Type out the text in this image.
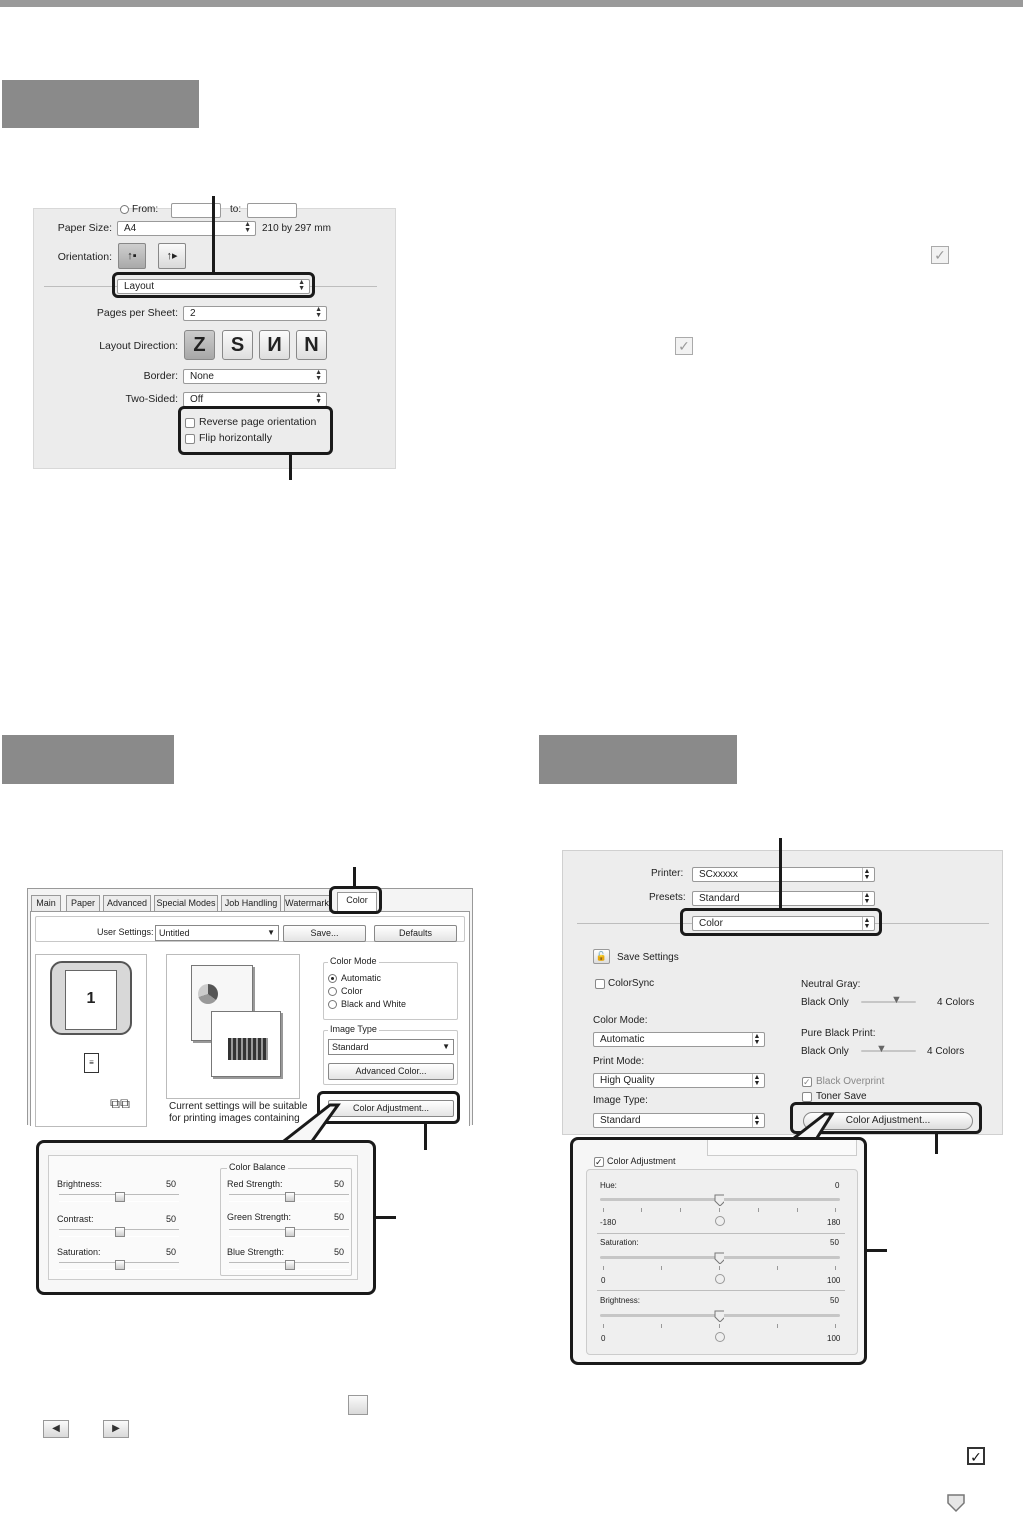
From:	to:
Paper Size:	A4	▲
▼ 210 by 297 mm
Orientation:	↑▪	↑▸
Layout	▲
▼
Pages per Sheet:	2	▲
▼
Layout Direction: Z	S	И	N
Border:	None	▲
▼
Two-Sided:	Off	▲
▼
Reverse page orientation
Flip horizontally
✓
✓
Main	Paper	Advanced	Special Modes	Job Handling Watermark	Color
User Settings: Untitled	▼	Save...	Defaults
1
≡
⧉⧉	Current settings will be suitable
for printing images containing
Color Mode
Automatic
Color
Black and White
Image Type
Standard	▼
Advanced Color...
Color Adjustment...
Color Balance
Brightness:	50
Contrast:	50
Saturation:	50
Red Strength:	50
Green Strength:	50
Blue Strength:	50
◀	▶
Printer:	SCxxxxx	▲
▼
Presets:	Standard	▲
▼
Color	▲
▼
🔓 Save Settings
ColorSync
Color Mode:
Automatic	▲
▼
Print Mode:
High Quality	▲
▼
Image Type:
Standard	▲
▼
Neutral Gray:
Black Only	▼	4 Colors
Pure Black Print:
Black Only ▼	4 Colors
✓ Black Overprint
Toner Save
Color Adjustment...
✓ Color Adjustment
Hue:	0
-180	180
Saturation:	50
0	100
Brightness:	50
0	100
✓
